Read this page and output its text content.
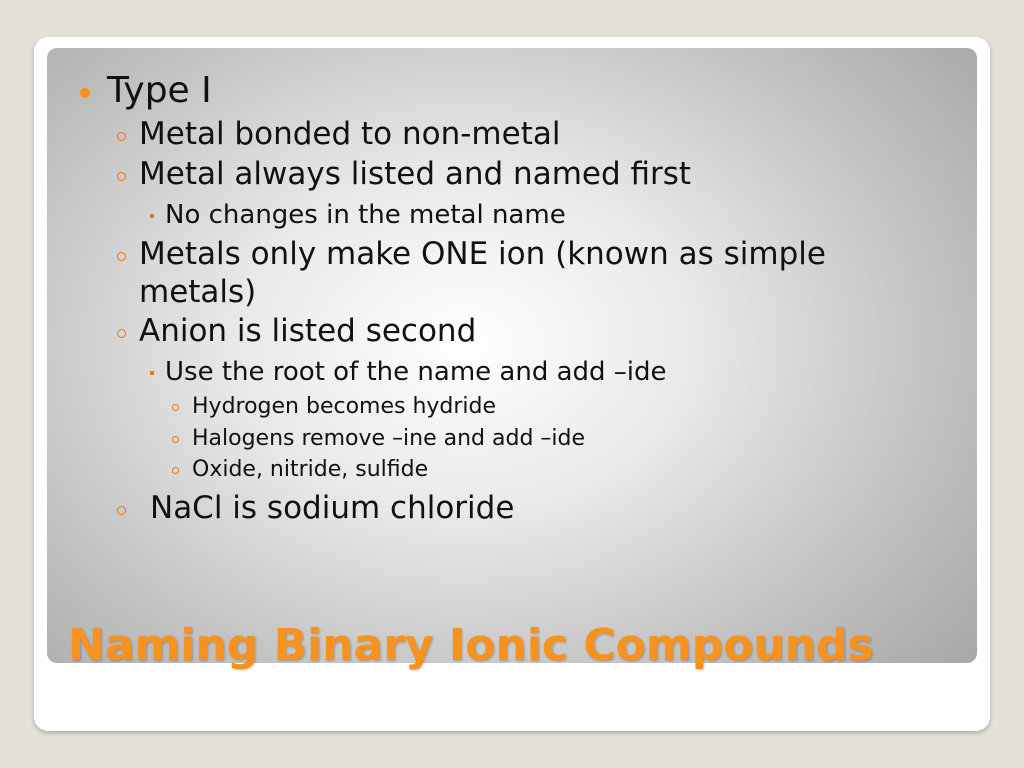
Type I
Metal bonded to non-metal
Metal always listed and named first
No changes in the metal name
Metals only make ONE ion (known as simple
metals)
Anion is listed second
Use the root of the name and add –ide
Hydrogen becomes hydride
Halogens remove –ine and add –ide
Oxide, nitride, sulfide
NaCl is sodium chloride
Naming Binary Ionic Compounds
